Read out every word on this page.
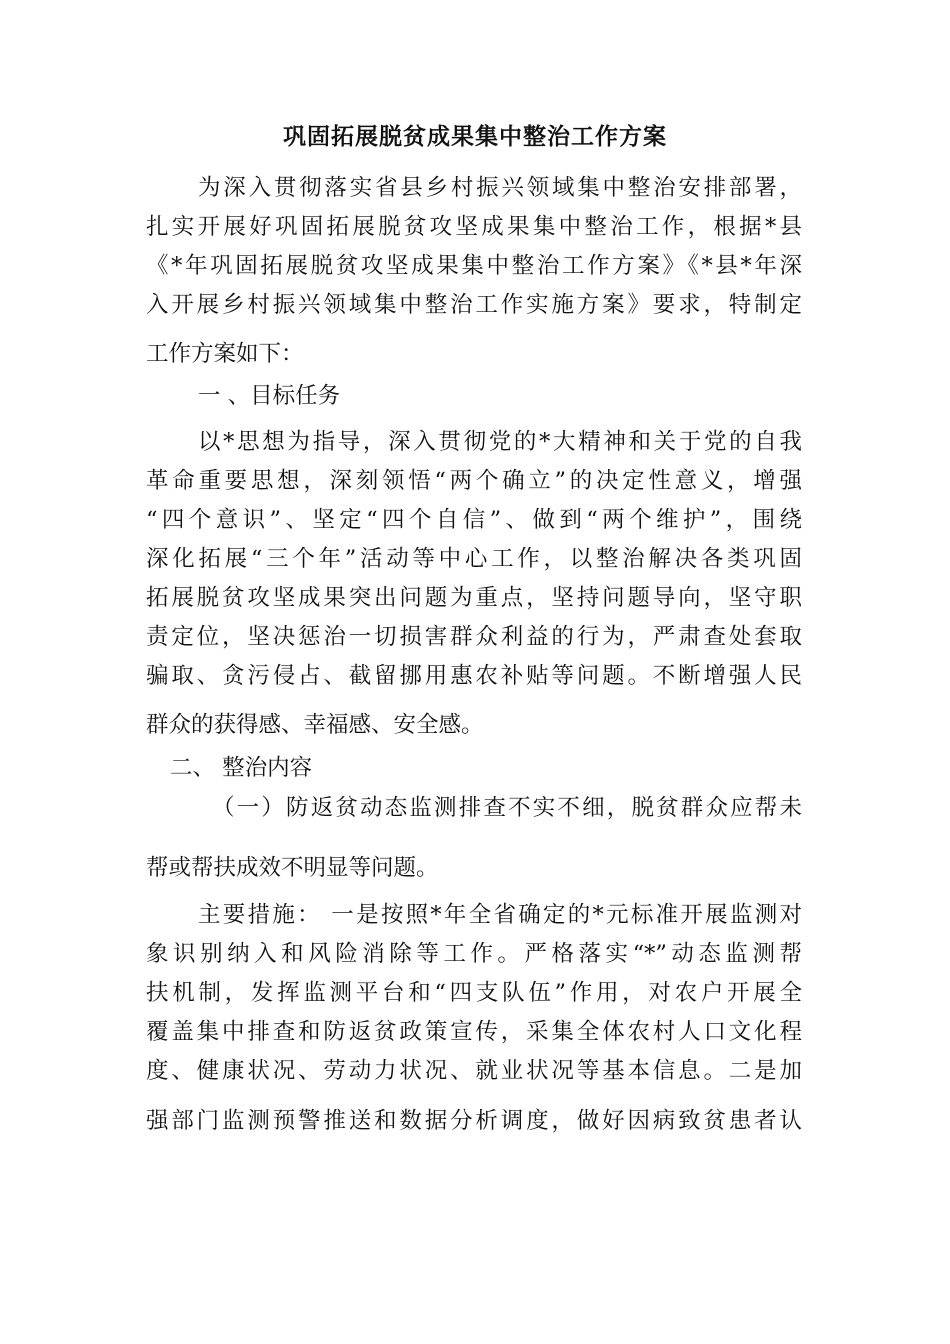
巩固拓展脱贫成果集中整治工作方案
为深入贯彻落实省县乡村振兴领域集中整治安排部署，
扎实开展好巩固拓展脱贫攻坚成果集中整治工作，根据*县
《*年巩固拓展脱贫攻坚成果集中整治工作方案》《*县*年深
入开展乡村振兴领域集中整治工作实施方案》要求，特制定
工作方案如下：
一 、目标任务
以*思想为指导，深入贯彻党的*大精神和关于党的自我
革命重要思想，深刻领悟“两个确立”的决定性意义，增强
“四个意识”、坚定“四个自信”、做到“两个维护”，围绕
深化拓展“三个年”活动等中心工作，以整治解决各类巩固
拓展脱贫攻坚成果突出问题为重点，坚持问题导向，坚守职
责定位，坚决惩治一切损害群众利益的行为，严肃查处套取
骗取、贪污侵占、截留挪用惠农补贴等问题。不断增强人民
群众的获得感、幸福感、安全感。
二、 整治内容
（一）防返贫动态监测排查不实不细，脱贫群众应帮未
帮或帮扶成效不明显等问题。
主要措施： 一是按照*年全省确定的*元标准开展监测对
象识别纳入和风险消除等工作。严格落实“*”动态监测帮
扶机制，发挥监测平台和“四支队伍”作用，对农户开展全
覆盖集中排查和防返贫政策宣传，采集全体农村人口文化程
度、健康状况、劳动力状况、就业状况等基本信息。二是加
强部门监测预警推送和数据分析调度，做好因病致贫患者认
